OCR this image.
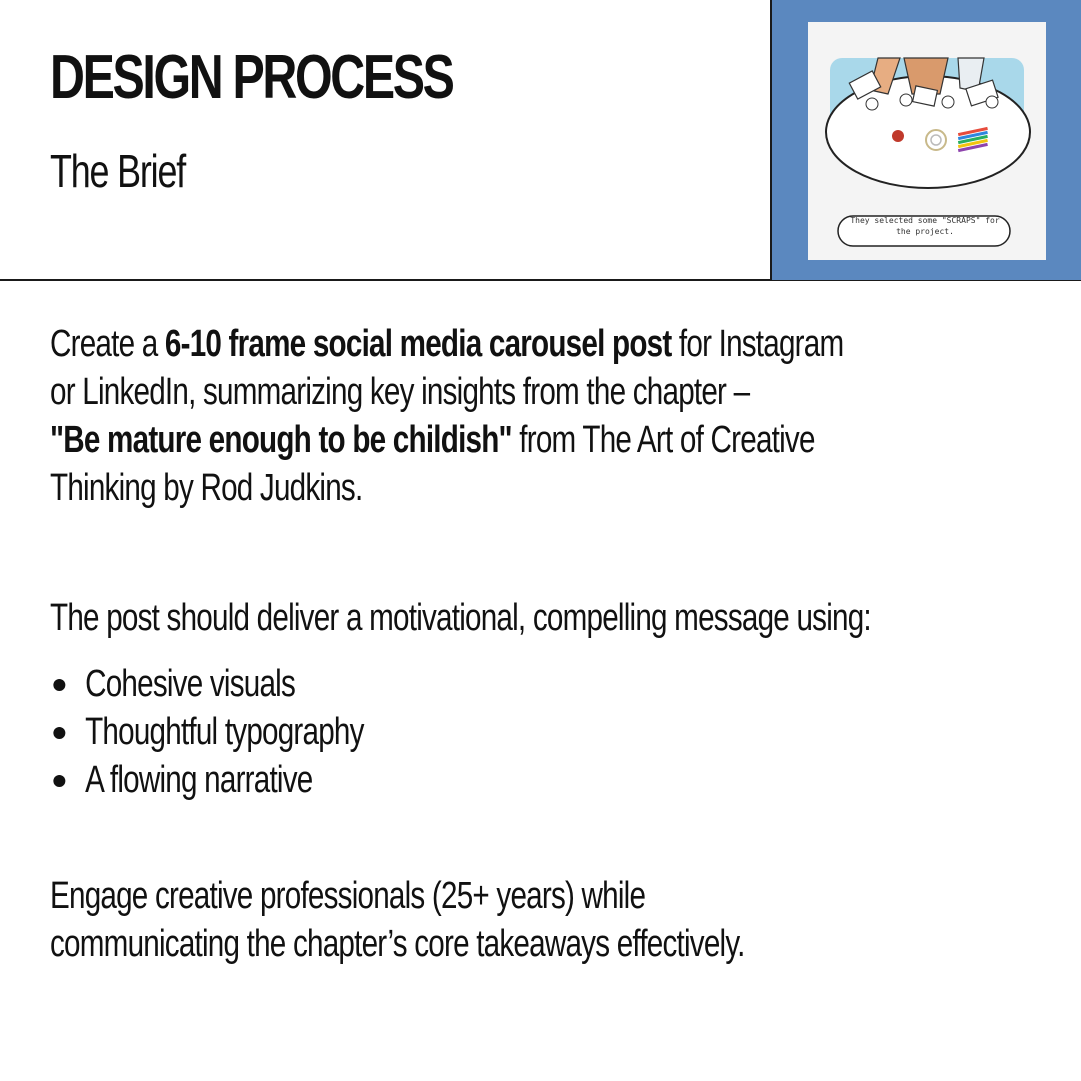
DESIGN PROCESS
The Brief
They selected some "SCRAPS" for the project.

Create a 6-10 frame social media carousel post for Instagram
or LinkedIn, summarizing key insights from the chapter –
"Be mature enough to be childish" from The Art of Creative
Thinking by Rod Judkins.

The post should deliver a motivational, compelling message using:

Cohesive visuals
Thoughtful typography
A flowing narrative

Engage creative professionals (25+ years) while
communicating the chapter’s core takeaways effectively.
